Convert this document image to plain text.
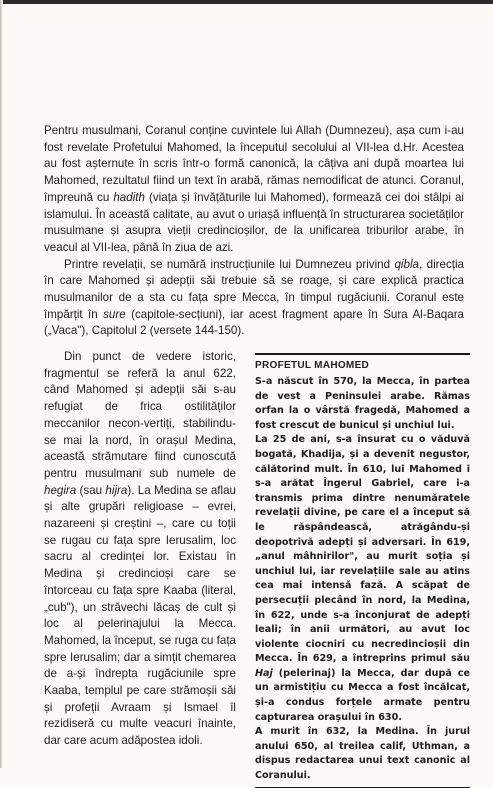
Pentru musulmani, Coranul conține cuvintele lui Allah (Dumnezeu), așa cum i-au fost revelate Profetului Mahomed, la începutul secolului al VII-lea d.Hr. Acestea au fost așternute în scris într-o formă canonică, la câțiva ani după moartea lui Mahomed, rezultatul fiind un text în arabă, rămas nemodificat de atunci. Coranul, împreună cu hadith (viața și învățăturile lui Mahomed), formează cei doi stâlpi ai islamului. În această calitate, au avut o uriașă influență în structurarea societăților musulmane și asupra vieții credincioșilor, de la unificarea triburilor arabe, în veacul al VII-lea, până în ziua de azi.

Printre revelații, se numără instrucțiunile lui Dumnezeu privind qibla, direcția în care Mahomed și adepții săi trebuie să se roage, și care explică practica musulmanilor de a sta cu fața spre Mecca, în timpul rugăciunii. Coranul este împărțit în sure (capitole-secțiuni), iar acest fragment apare în Sura Al-Baqara („Vaca"), Capitolul 2 (versete 144-150).

Din punct de vedere istoric, fragmentul se referă la anul 622, când Mahomed și adepții săi s-au refugiat de frica ostilităților meccanilor necon-vertiți, stabilindu-se mai la nord, în orașul Medina, această strămutare fiind cunoscută pentru musulmani sub numele de hegira (sau hijra). La Medina se aflau și alte grupări religioase – evrei, nazareeni și creștini –, care cu toții se rugau cu fața spre Ierusalim, loc sacru al credinței lor. Existau în Medina și credincioși care se întorceau cu fața spre Kaaba (literal, „cub"), un străvechi lăcaș de cult și loc al pelerinajului la Mecca. Mahomed, la început, se ruga cu fața spre Ierusalim; dar a simțit chemarea de a-și îndrepta rugăciunile spre Kaaba, templul pe care strămoșii săi și profeții Avraam și Ismael îl rezidiseră cu multe veacuri înainte, dar care acum adăpostea idoli.

PROFETUL MAHOMED

S-a născut în 570, la Mecca, în partea de vest a Peninsulei arabe. Rămas orfan la o vârstă fragedă, Mahomed a fost crescut de bunicul și unchiul lui.

La 25 de ani, s-a însurat cu o văduvă bogată, Khadija, și a devenit negustor, călătorind mult. În 610, lui Mahomed i s-a arătat Îngerul Gabriel, care i-a transmis prima dintre nenumăratele revelații divine, pe care el a început să le răspândească, atrăgându-și deopotrivă adepți și adversari. În 619, „anul mâhnirilor", au murit soția și unchiul lui, iar revelațiile sale au atins cea mai intensă fază. A scăpat de persecuții plecând în nord, la Medina, în 622, unde s-a înconjurat de adepți leali; în anii următori, au avut loc violente ciocniri cu necredincioșii din Mecca. În 629, a întreprins primul său Haj (pelerinaj) la Mecca, dar după ce un armistițiu cu Mecca a fost încălcat, și-a condus forțele armate pentru capturarea orașului în 630.

A murit în 632, la Medina. În jurul anului 650, al treilea calif, Uthman, a dispus redactarea unui text canonic al Coranului.
